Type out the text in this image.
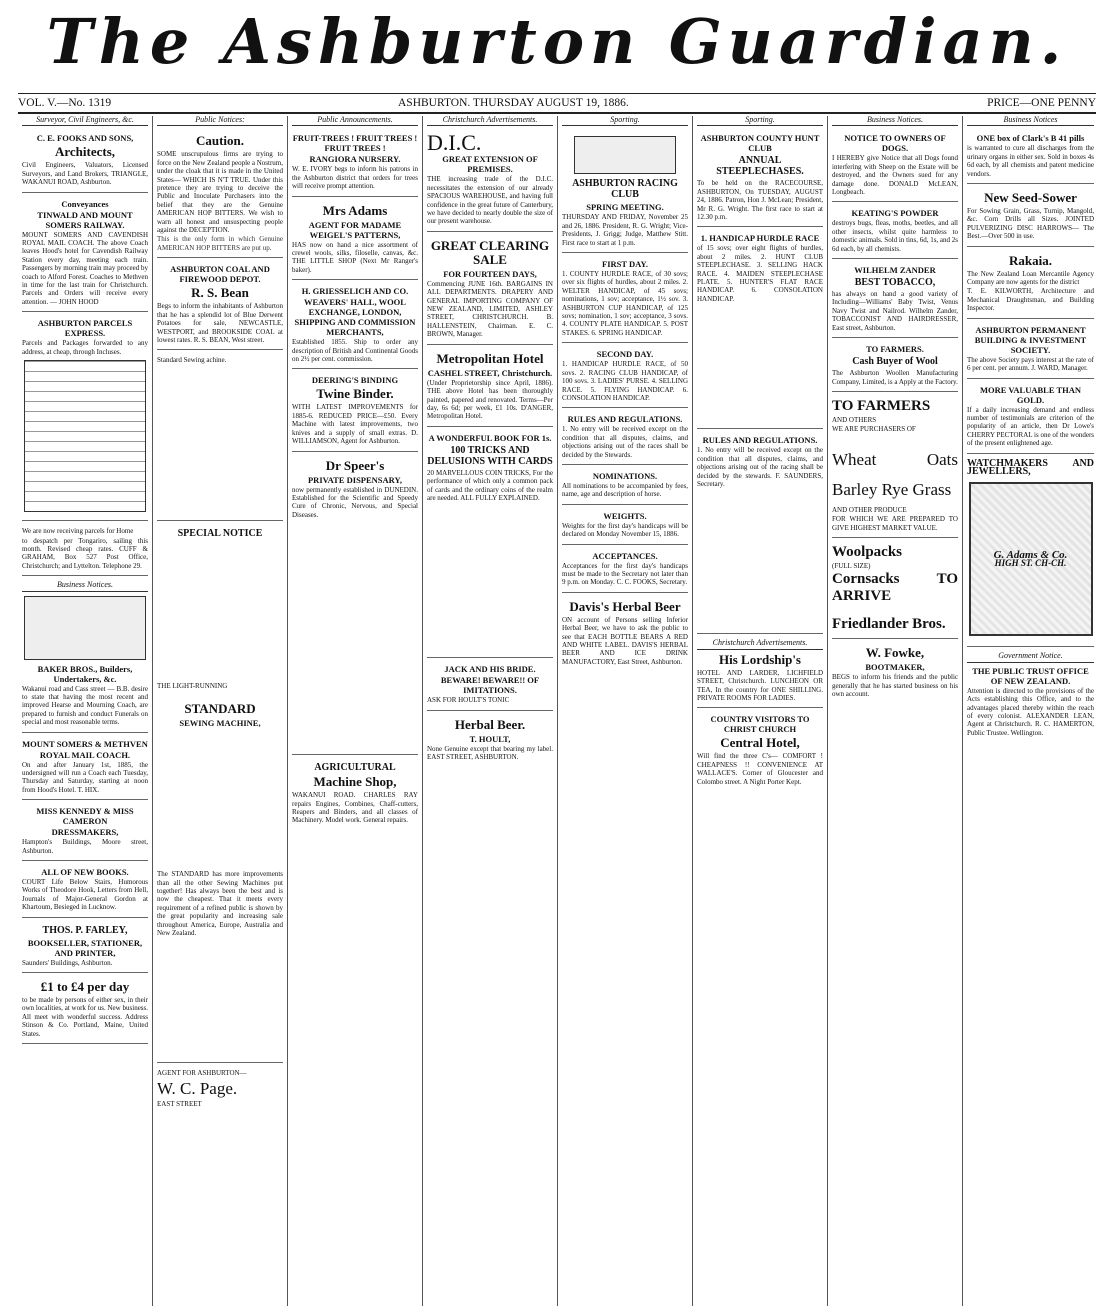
The Ashburton Guardian.
VOL. V.—No. 1319	ASHBURTON. THURSDAY AUGUST 19, 1886.	PRICE—ONE PENNY
Surveyor, Civil Engineers, &c.
C. E. FOOKS AND SONS,
Architects,

Civil Engineers, Valuators, Licensed Surveyors, and Land Brokers, TRIANGLE, WAKANUI ROAD, Ashburton.

Conveyances
TINWALD AND MOUNT SOMERS RAILWAY.

MOUNT SOMERS AND CAVENDISH ROYAL MAIL COACH. The above Coach leaves Hood's hotel for Cavendish Railway Station every day, meeting each train. Passengers by morning train may proceed by coach to Alford Forest. Coaches to Methven in time for the last train for Christchurch. Parcels and Orders will receive every attention. — JOHN HOOD

ASHBURTON PARCELS EXPRESS.

Parcels and Packages forwarded to any address, at cheap, through Incluses.

We are now receiving parcels for Home

to despatch per Tongariro, sailing this month. Revised cheap rates. CUFF & GRAHAM, Box 527 Post Office, Christchurch; and Lyttelton. Telephone 29.

Business Notices.
BAKER BROS., Builders, Undertakers, &c.

Wakanui road and Cass street — B.B. desire to state that having the most recent and improved Hearse and Mourning Coach, are prepared to furnish and conduct Funerals on special and most reasonable terms.

MOUNT SOMERS & METHVEN
ROYAL MAIL COACH.

On and after January 1st, 1885, the undersigned will run a Coach each Tuesday, Thursday and Saturday, starting at noon from Hood's Hotel. T. HIX.

MISS KENNEDY & MISS CAMERON
DRESSMAKERS,

Hampton's Buildings, Moore street, Ashburton.

ALL OF NEW BOOKS.

COURT Life Below Stairs, Humorous Works of Theodore Hook, Letters from Hell, Journals of Major-General Gordon at Khartoum, Besieged in Lucknow.

THOS. P. FARLEY,
BOOKSELLER, STATIONER, AND PRINTER,

Saunders' Buildings, Ashburton.

£1 to £4 per day

to be made by persons of either sex, in their own localities, at work for us. New business. All meet with wonderful success. Address Stinson & Co. Portland, Maine, United States.

Public Notices:
Caution.

SOME unscrupulous firms are trying to force on the New Zealand people a Nostrum, under the cloak that it is made in the United States— WHICH IS N'T TRUE. Under this pretence they are trying to deceive the Public and Inoculate Purchasers into the belief that they are the Genuine AMERICAN HOP BITTERS. We wish to warn all honest and unsuspecting people against the DECEPTION.

This is the only form in which Genuine AMERICAN HOP BITTERS are put up.

ASHBURTON COAL AND FIREWOOD DEPOT.
R. S. Bean

Begs to inform the inhabitants of Ashburton that he has a splendid lot of Blue Derwent Potatoes for sale, NEWCASTLE, WESTPORT, and BROOKSIDE COAL at lowest rates. R. S. BEAN, West street.

Standard Sewing achine.

SPECIAL NOTICE

THE LIGHT-RUNNING

STANDARD
SEWING MACHINE,

The STANDARD has more improvements than all the other Sewing Machines put together! Has always been the best and is now the cheapest. That it meets every requirement of a refined public is shown by the great popularity and increasing sale throughout America, Europe, Australia and New Zealand.

AGENT FOR ASHBURTON—

W. C. Page.

EAST STREET

Public Announcements.
FRUIT-TREES ! FRUIT TREES ! FRUIT TREES !
RANGIORA NURSERY.

W. E. IVORY begs to inform his patrons in the Ashburton district that orders for trees will receive prompt attention.

Mrs Adams
AGENT FOR MADAME WEIGEL'S PATTERNS,

HAS now on hand a nice assortment of crewel wools, silks, filoselle, canvas, &c. THE LITTLE SHOP (Next Mr Ranger's baker).

H. GRIESSELICH AND CO.
WEAVERS' HALL, WOOL EXCHANGE, LONDON, SHIPPING AND COMMISSION MERCHANTS,

Established 1855. Ship to order any description of British and Continental Goods on 2½ per cent. commission.

DEERING'S BINDING
Twine Binder.

WITH LATEST IMPROVEMENTS for 1885-6. REDUCED PRICE—£50. Every Machine with latest improvements, two knives and a supply of small extras. D. WILLIAMSON, Agent for Ashburton.

Dr Speer's
PRIVATE DISPENSARY,

now permanently established in DUNEDIN. Established for the Scientific and Speedy Cure of Chronic, Nervous, and Special Diseases.

AGRICULTURAL
Machine Shop,

WAKANUI ROAD. CHARLES RAY repairs Engines, Combines, Chaff-cutters, Reapers and Binders, and all classes of Machinery. Model work. General repairs.

Christchurch Advertisements.

D.I.C.

GREAT EXTENSION OF PREMISES.

THE increasing trade of the D.I.C. necessitates the extension of our already SPACIOUS WAREHOUSE, and having full confidence in the great future of Canterbury, we have decided to nearly double the size of our present warehouse.

GREAT CLEARING SALE
FOR FOURTEEN DAYS,

Commencing JUNE 16th. BARGAINS IN ALL DEPARTMENTS. DRAPERY AND GENERAL IMPORTING COMPANY OF NEW ZEALAND, LIMITED, ASHLEY STREET, CHRISTCHURCH. B. HALLENSTEIN, Chairman. E. C. BROWN, Manager.

Metropolitan Hotel
CASHEL STREET, Christchurch.

(Under Proprietorship since April, 1886). THE above Hotel has been thoroughly painted, papered and renovated. Terms—Per day, 6s 6d; per week, £1 10s. D'ANGER, Metropolitan Hotel.

A WONDERFUL BOOK FOR 1s.
100 TRICKS AND DELUSIONS WITH CARDS

20 MARVELLOUS COIN TRICKS, For the performance of which only a common pack of cards and the ordinary coins of the realm are needed. ALL FULLY EXPLAINED.

JACK AND HIS BRIDE.
BEWARE! BEWARE!! OF IMITATIONS.

ASK FOR HOULT'S TONIC

Herbal Beer.
T. HOULT,

None Genuine except that bearing my label. EAST STREET, ASHBURTON.

Sporting.
ASHBURTON RACING CLUB
SPRING MEETING.

THURSDAY AND FRIDAY, November 25 and 26, 1886. President, R. G. Wright; Vice-Presidents, J. Grigg; Judge, Matthew Stitt. First race to start at 1 p.m.

FIRST DAY.

1. COUNTY HURDLE RACE, of 30 sovs; over six flights of hurdles, about 2 miles. 2. WELTER HANDICAP, of 45 sovs; nominations, 1 sov; acceptance, 1½ sov. 3. ASHBURTON CUP HANDICAP, of 125 sovs; nomination, 1 sov; acceptance, 3 sovs. 4. COUNTY PLATE HANDICAP. 5. POST STAKES. 6. SPRING HANDICAP.

SECOND DAY.

1. HANDICAP HURDLE RACE, of 50 sovs. 2. RACING CLUB HANDICAP, of 100 sovs. 3. LADIES' PURSE. 4. SELLING RACE. 5. FLYING HANDICAP. 6. CONSOLATION HANDICAP.

RULES AND REGULATIONS.

1. No entry will be received except on the condition that all disputes, claims, and objections arising out of the races shall be decided by the Stewards.

NOMINATIONS.

All nominations to be accompanied by fees, name, age and description of horse.

WEIGHTS.

Weights for the first day's handicaps will be declared on Monday November 15, 1886.

ACCEPTANCES.

Acceptances for the first day's handicaps must be made to the Secretary not later than 9 p.m. on Monday. C. C. FOOKS, Secretary.

Davis's Herbal Beer

ON account of Persons selling Inferior Herbal Beer, we have to ask the public to see that EACH BOTTLE BEARS A RED AND WHITE LABEL. DAVIS'S HERBAL BEER AND ICE DRINK MANUFACTORY, East Street, Ashburton.

Sporting.
ASHBURTON COUNTY HUNT CLUB
ANNUAL STEEPLECHASES.

To be held on the RACECOURSE, ASHBURTON, On TUESDAY, AUGUST 24, 1886. Patron, Hon J. McLean; President, Mr R. G. Wright. The first race to start at 12.30 p.m.

1. HANDICAP HURDLE RACE

of 15 sovs; over eight flights of hurdles, about 2 miles. 2. HUNT CLUB STEEPLECHASE. 3. SELLING HACK RACE. 4. MAIDEN STEEPLECHASE PLATE. 5. HUNTER'S FLAT RACE HANDICAP. 6. CONSOLATION HANDICAP.

RULES AND REGULATIONS.

1. No entry will be received except on the condition that all disputes, claims, and objections arising out of the racing shall be decided by the stewards. F. SAUNDERS, Secretary.

Christchurch Advertisements.
His Lordship's

HOTEL AND LARDER, LICHFIELD STREET, Christchurch. LUNCHEON OR TEA, In the country for ONE SHILLING. PRIVATE ROOMS FOR LADIES.

COUNTRY VISITORS TO CHRIST CHURCH
Central Hotel,

Will find the three C's— COMFORT ! CHEAPNESS !! CONVENIENCE AT WALLACE'S. Corner of Gloucester and Colombo street. A Night Porter Kept.

Business Notices.
NOTICE TO OWNERS OF DOGS.

I HEREBY give Notice that all Dogs found interfering with Sheep on the Estate will be destroyed, and the Owners sued for any damage done. DONALD McLEAN, Longbeach.

KEATING'S POWDER

destroys bugs, fleas, moths, beetles, and all other insects, whilst quite harmless to domestic animals. Sold in tins, 6d, 1s, and 2s 6d each, by all chemists.

WILHELM ZANDER
BEST TOBACCO,

has always on hand a good variety of Including—Williams' Baby Twist, Venus Navy Twist and Nailrod. Wilhelm Zander, TOBACCONIST AND HAIRDRESSER, East street, Ashburton.

TO FARMERS.
Cash Buyer of Wool

The Ashburton Woollen Manufacturing Company, Limited, is a Apply at the Factory.

TO FARMERS

AND OTHERS

WE ARE PURCHASERS OF

Wheat Oats Barley Rye Grass

AND OTHER PRODUCE

FOR WHICH WE ARE PREPARED TO GIVE HIGHEST MARKET VALUE.

Woolpacks

(FULL SIZE)

Cornsacks TO ARRIVE

Friedlander Bros.

W. Fowke,
BOOTMAKER,

BEGS to inform his friends and the public generally that he has started business on his own account.

Business Notices
ONE box of Clark's B 41 pills

is warranted to cure all discharges from the urinary organs in either sex. Sold in boxes 4s 6d each, by all chemists and patent medicine vendors.

New Seed-Sower

For Sowing Grain, Grass, Turnip, Mangold, &c. Corn Drills all Sizes. JOINTED PULVERIZING DISC HARROWS— The Best.—Over 500 in use.

Rakaia.

The New Zealand Loan Mercantile Agency Company are now agents for the district

T. E. KILWORTH, Architecture and Mechanical Draughtsman, and Building Inspector.

ASHBURTON PERMANENT BUILDING & INVESTMENT SOCIETY.

The above Society pays interest at the rate of 6 per cent. per annum. J. WARD, Manager.

MORE VALUABLE THAN GOLD.

If a daily increasing demand and endless number of testimonials are criterion of the popularity of an article, then Dr Lowe's CHERRY PECTORAL is one of the wonders of the present enlightened age.

WATCHMAKERS AND JEWELLERS,

G. Adams & Co.
HIGH ST. CH-CH.
Government Notice.
THE PUBLIC TRUST OFFICE OF NEW ZEALAND.

Attention is directed to the provisions of the Acts establishing this Office, and to the advantages placed thereby within the reach of every colonist. ALEXANDER LEAN, Agent at Christchurch. R. C. HAMERTON, Public Trustee. Wellington.
